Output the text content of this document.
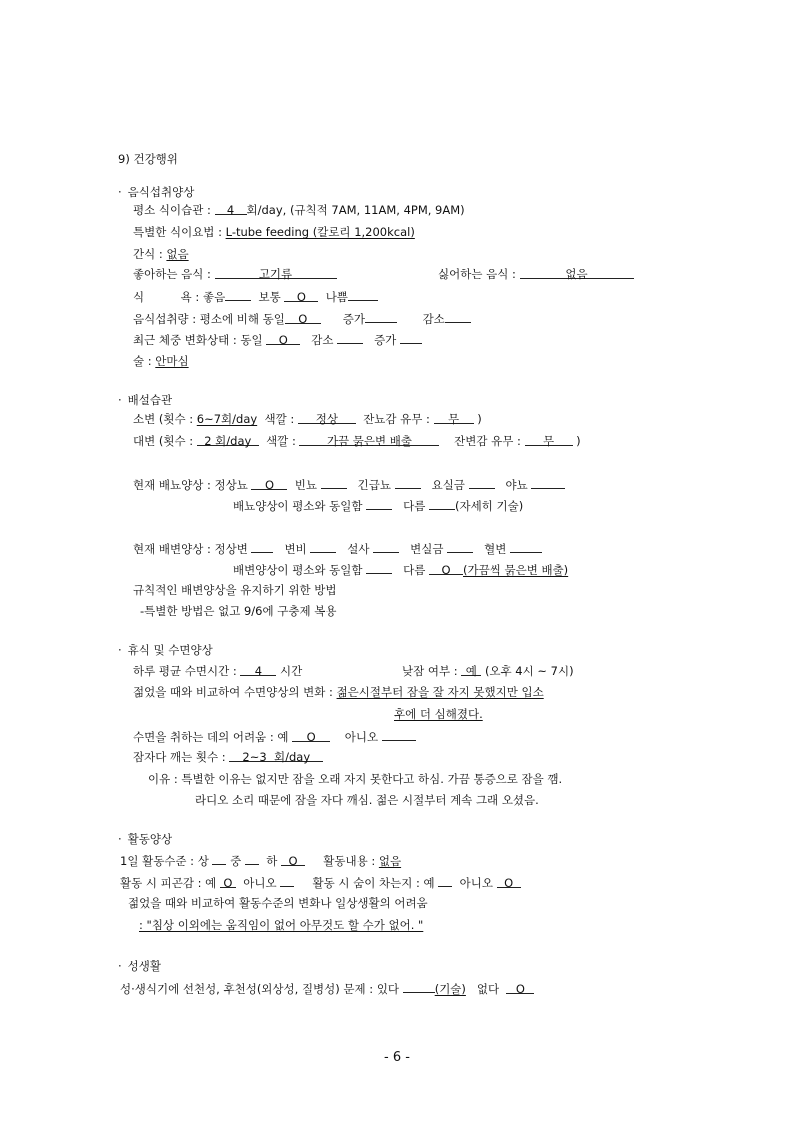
9) 건강행위
· 음식섭취양상
평소 식이습관 : 4 회/day, (규칙적 7AM, 11AM, 4PM, 9AM)
특별한 식이요법 : L-tube feeding (칼로리 1,200kcal)
간식 : 없음
좋아하는 음식 :	고기류	싫어하는 음식 :	없음
식          욕 : 좋음	보통 O 나쁨
음식섭취량 : 평소에 비해 동일 O	증가	감소
최근 체중 변화상태 : 동일 O 감소	증가
술 : 안마심
· 배설습관
소변 (횟수 : 6~7회/day 색깔 : 정상 잔뇨감 유무 : 무 )
대변 (횟수 : 2 회/day 색깔 :	가끔 묽은변 배출	잔변감 유무 : 무 )
현재 배뇨양상 : 정상뇨 O 빈뇨	긴급뇨	요실금	야뇨
배뇨양상이 평소와 동일함	다름	(자세히 기술)
현재 배변양상 : 정상변	변비	설사	변실금	혈변
배변양상이 평소와 동일함	다름 O (가끔씩 묽은변 배출)
규칙적인 배변양상을 유지하기 위한 방법
-특별한 방법은 없고 9/6에 구충제 복용
· 휴식 및 수면양상
하루 평균 수면시간 : 4 시간	낮잠 여부 : 예 (오후 4시 ~ 7시)
젊었을 때와 비교하여 수면양상의 변화 : 젊은시절부터 잠을 잘 자지 못했지만 입소
후에 더 심해졌다.
수면을 취하는 데의 어려움 : 예 O	아니오
잠자다 깨는 횟수 : 2~3  회/day
이유 : 특별한 이유는 없지만 잠을 오래 자지 못한다고 하심. 가끔 통증으로 잠을 깸.
라디오 소리 때문에 잠을 자다 깨심. 젊은 시절부터 계속 그래 오셨음.
· 활동양상
1일 활동수준 : 상 중 하 O 활동내용 : 없음
활동 시 피곤감 : 예 O 아니오	활동 시 숨이 차는지 : 예 아니오 O
젊었을 때와 비교하여 활동수준의 변화나 일상생활의 어려움
: "침상 이외에는 움직임이 없어 아무것도 할 수가 없어. "
· 성생활
성·생식기에 선천성, 후천성(외상성, 질병성) 문제 : 있다	(기술) 없다 O
- 6 -
